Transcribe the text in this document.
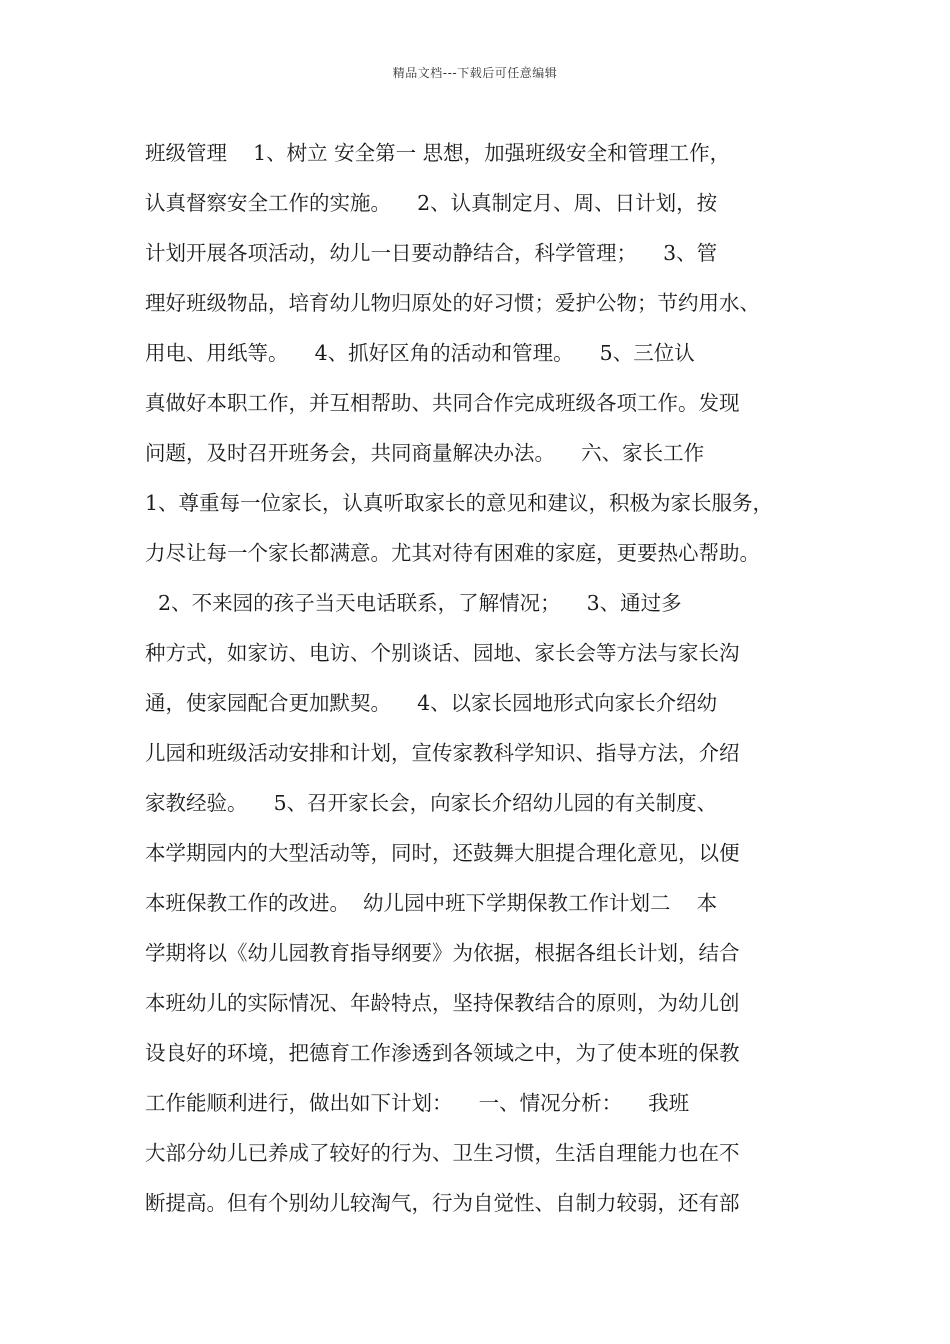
精品文档---下载后可任意编辑
班级管理    1、树立 安全第一 思想，加强班级安全和管理工作，
认真督察安全工作的实施。    2、认真制定月、周、日计划，按
计划开展各项活动，幼儿一日要动静结合，科学管理；    3、管
理好班级物品，培育幼儿物归原处的好习惯；爱护公物；节约用水、
用电、用纸等。    4、抓好区角的活动和管理。    5、三位认
真做好本职工作，并互相帮助、共同合作完成班级各项工作。发现
问题，及时召开班务会，共同商量解决办法。    六、家长工作
1、尊重每一位家长，认真听取家长的意见和建议，积极为家长服务，
力尽让每一个家长都满意。尤其对待有困难的家庭，更要热心帮助。
2、不来园的孩子当天电话联系，了解情况；    3、通过多
种方式，如家访、电访、个别谈话、园地、家长会等方法与家长沟
通，使家园配合更加默契。    4、以家长园地形式向家长介绍幼
儿园和班级活动安排和计划，宣传家教科学知识、指导方法，介绍
家教经验。    5、召开家长会，向家长介绍幼儿园的有关制度、
本学期园内的大型活动等，同时，还鼓舞大胆提合理化意见，以便
本班保教工作的改进。  幼儿园中班下学期保教工作计划二    本
学期将以《幼儿园教育指导纲要》为依据，根据各组长计划，结合
本班幼儿的实际情况、年龄特点，坚持保教结合的原则，为幼儿创
设良好的环境，把德育工作渗透到各领域之中，为了使本班的保教
工作能顺利进行，做出如下计划：    一、情况分析：    我班
大部分幼儿已养成了较好的行为、卫生习惯，生活自理能力也在不
断提高。但有个别幼儿较淘气，行为自觉性、自制力较弱，还有部
